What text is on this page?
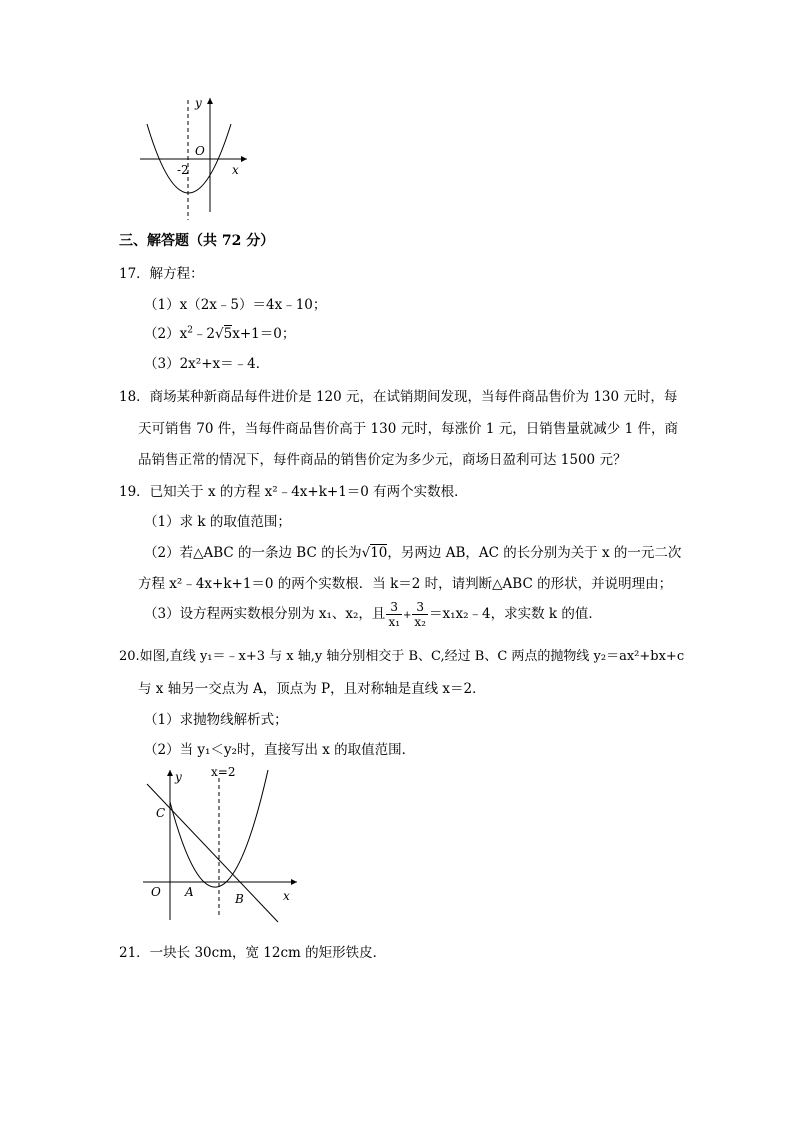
y
O
-2	x
三、解答题（共 72 分）
17．解方程：
（1）x（2x﹣5）＝4x﹣10；
$(2)x^2﹣2√5x+1=0$；
（3）2x²+x＝﹣4．
18．商场某种新商品每件进价是 120 元，在试销期间发现，当每件商品售价为 130 元时，每
天可销售 70 件，当每件商品售价高于 130 元时，每涨价 1 元，日销售量就减少 1 件，商
品销售正常的情况下，每件商品的销售价定为多少元，商场日盈利可达 1500 元？
19．已知关于 x 的方程 x²﹣4x+k+1＝0 有两个实数根．
（1）求 k 的取值范围；
（2）若△ABC 的一条边 BC 的长为√10，另两边 AB，AC 的长分别为关于 x 的一元二次
方程 x²﹣4x+k+1＝0 的两个实数根．当 k＝2 时，请判断△ABC 的形状，并说明理由；
（3）设方程两实数根分别为 x₁、x₂，且 $\frac{3}{\text{x₁}} + \frac{3}{\text{x₂}}$ ＝x₁x₂﹣4，求实数 k 的值．
20.如图,直线 y₁＝﹣x+3 与 x 轴,y 轴分别相交于 B、C,经过 B、C 两点的抛物线 y₂＝ax²+bx+c
与 x 轴另一交点为 A，顶点为 P，且对称轴是直线 x＝2．
（1）求抛物线解析式；
（2）当 y₁＜y₂时，直接写出 x 的取值范围．
y x=2
C
O A	B	x
21．一块长 30cm，宽 12cm 的矩形铁皮．
